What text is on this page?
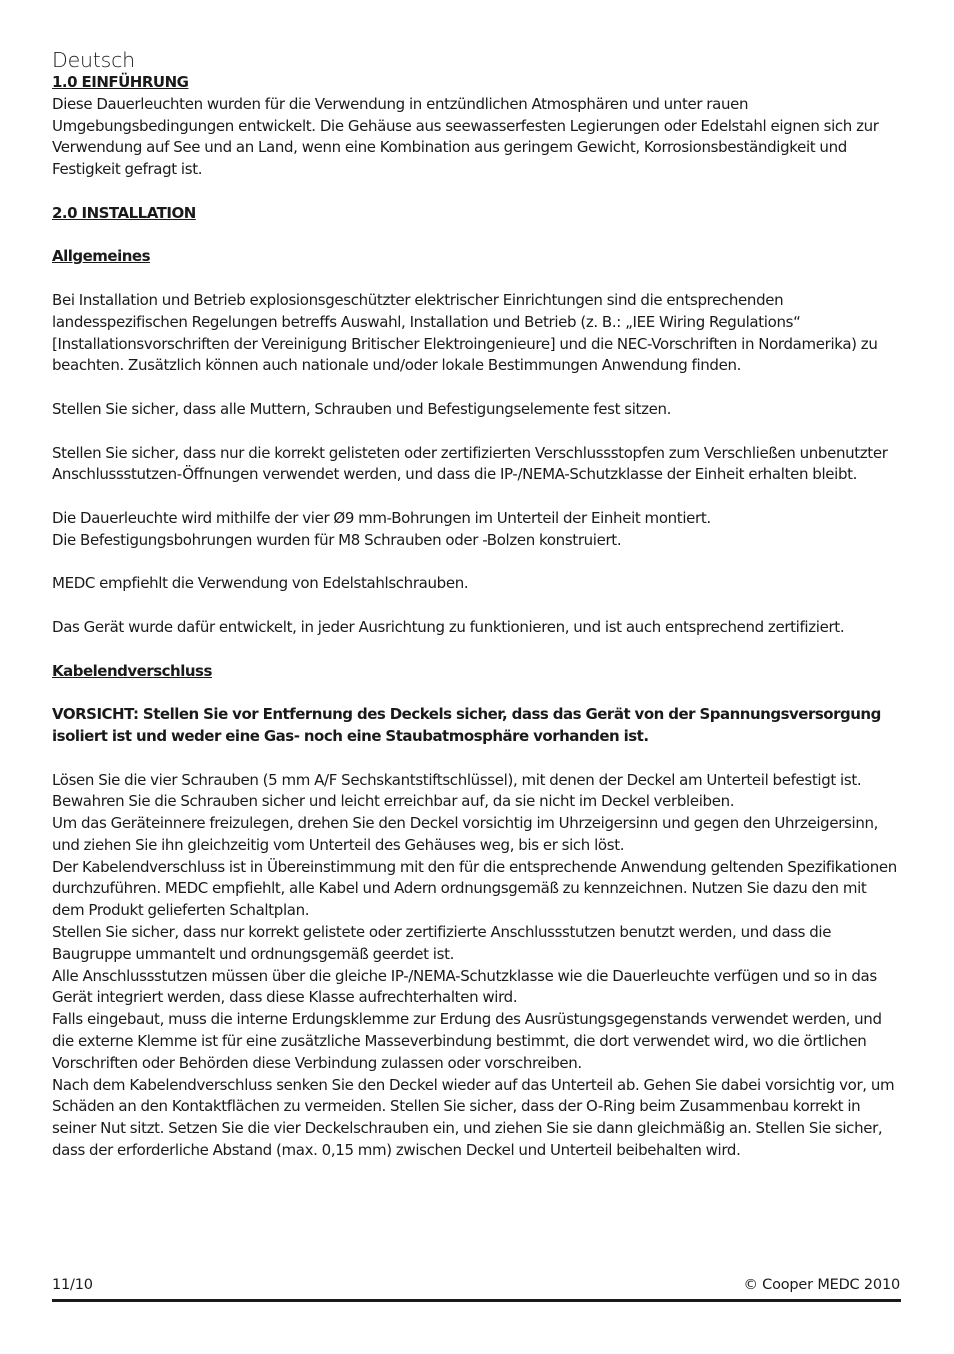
Deutsch

1.0 EINFÜHRUNG

Diese Dauerleuchten wurden für die Verwendung in entzündlichen Atmosphären und unter rauen Umgebungsbedingungen entwickelt. Die Gehäuse aus seewasserfesten Legierungen oder Edelstahl eignen sich zur Verwendung auf See und an Land, wenn eine Kombination aus geringem Gewicht, Korrosionsbeständigkeit und Festigkeit gefragt ist.

2.0 INSTALLATION

Allgemeines

Bei Installation und Betrieb explosionsgeschützter elektrischer Einrichtungen sind die entsprechenden landesspezifischen Regelungen betreffs Auswahl, Installation und Betrieb (z. B.: „IEE Wiring Regulations“ [Installationsvorschriften der Vereinigung Britischer Elektroingenieure] und die NEC-Vorschriften in Nordamerika) zu beachten. Zusätzlich können auch nationale und/oder lokale Bestimmungen Anwendung finden.

Stellen Sie sicher, dass alle Muttern, Schrauben und Befestigungselemente fest sitzen.

Stellen Sie sicher, dass nur die korrekt gelisteten oder zertifizierten Verschlussstopfen zum Verschließen unbenutzter Anschlussstutzen-Öffnungen verwendet werden, und dass die IP-/NEMA-Schutzklasse der Einheit erhalten bleibt.

Die Dauerleuchte wird mithilfe der vier Ø9 mm-Bohrungen im Unterteil der Einheit montiert.

Die Befestigungsbohrungen wurden für M8 Schrauben oder -Bolzen konstruiert.

MEDC empfiehlt die Verwendung von Edelstahlschrauben.

Das Gerät wurde dafür entwickelt, in jeder Ausrichtung zu funktionieren, und ist auch entsprechend zertifiziert.

Kabelendverschluss

VORSICHT: Stellen Sie vor Entfernung des Deckels sicher, dass das Gerät von der Spannungsversorgung isoliert ist und weder eine Gas- noch eine Staubatmosphäre vorhanden ist.

Lösen Sie die vier Schrauben (5 mm A/F Sechskantstiftschlüssel), mit denen der Deckel am Unterteil befestigt ist. Bewahren Sie die Schrauben sicher und leicht erreichbar auf, da sie nicht im Deckel verbleiben.

Um das Geräteinnere freizulegen, drehen Sie den Deckel vorsichtig im Uhrzeigersinn und gegen den Uhrzeigersinn, und ziehen Sie ihn gleichzeitig vom Unterteil des Gehäuses weg, bis er sich löst.

Der Kabelendverschluss ist in Übereinstimmung mit den für die entsprechende Anwendung geltenden Spezifikationen durchzuführen. MEDC empfiehlt, alle Kabel und Adern ordnungsgemäß zu kennzeichnen. Nutzen Sie dazu den mit dem Produkt gelieferten Schaltplan.

Stellen Sie sicher, dass nur korrekt gelistete oder zertifizierte Anschlussstutzen benutzt werden, und dass die Baugruppe ummantelt und ordnungsgemäß geerdet ist.

Alle Anschlussstutzen müssen über die gleiche IP-/NEMA-Schutzklasse wie die Dauerleuchte verfügen und so in das Gerät integriert werden, dass diese Klasse aufrechterhalten wird.

Falls eingebaut, muss die interne Erdungsklemme zur Erdung des Ausrüstungsgegenstands verwendet werden, und die externe Klemme ist für eine zusätzliche Masseverbindung bestimmt, die dort verwendet wird, wo die örtlichen Vorschriften oder Behörden diese Verbindung zulassen oder vorschreiben.

Nach dem Kabelendverschluss senken Sie den Deckel wieder auf das Unterteil ab. Gehen Sie dabei vorsichtig vor, um Schäden an den Kontaktflächen zu vermeiden. Stellen Sie sicher, dass der O-Ring beim Zusammenbau korrekt in seiner Nut sitzt. Setzen Sie die vier Deckelschrauben ein, und ziehen Sie sie dann gleichmäßig an. Stellen Sie sicher, dass der erforderliche Abstand (max. 0,15 mm) zwischen Deckel und Unterteil beibehalten wird.

11/10	© Cooper MEDC 2010
